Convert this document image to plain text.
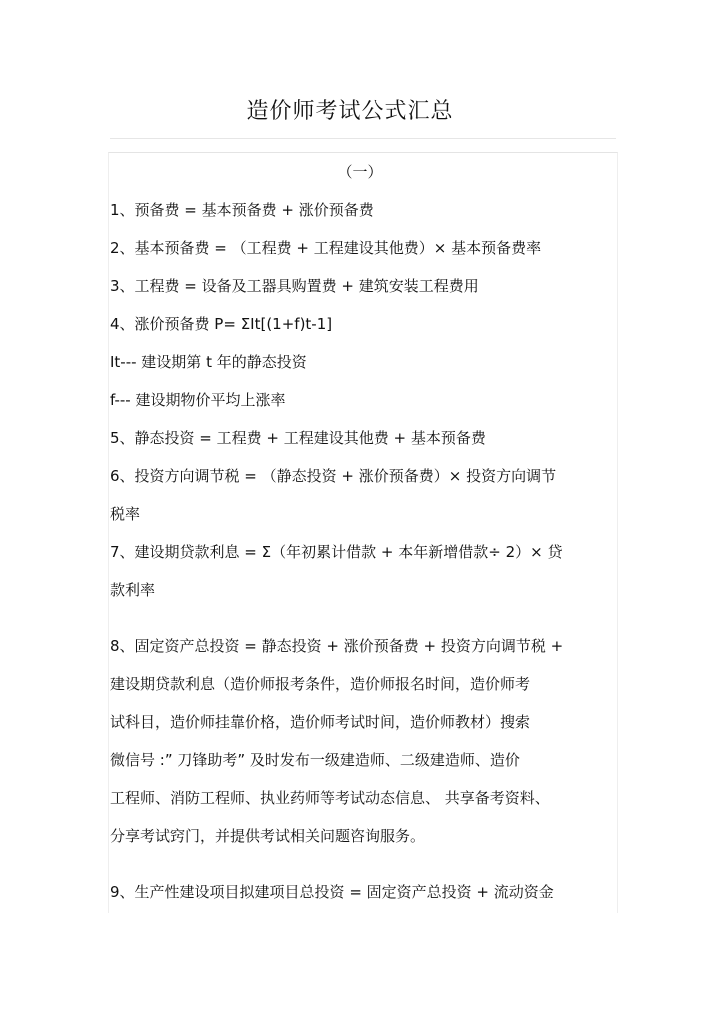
造价师考试公式汇总
（一）
1、预备费 = 基本预备费 + 涨价预备费
2、基本预备费 = （工程费 + 工程建设其他费）× 基本预备费率
3、工程费 = 设备及工器具购置费 + 建筑安装工程费用
4、涨价预备费 P= ΣIt[(1+f)t-1]
It--- 建设期第 t 年的静态投资
f--- 建设期物价平均上涨率
5、静态投资 = 工程费 + 工程建设其他费 + 基本预备费
6、投资方向调节税 = （静态投资 + 涨价预备费）× 投资方向调节
税率
7、建设期贷款利息 = Σ（年初累计借款 + 本年新增借款÷ 2）× 贷
款利率
8、固定资产总投资 = 静态投资 + 涨价预备费 + 投资方向调节税 +
建设期贷款利息（造价师报考条件，造价师报名时间，造价师考
试科目，造价师挂靠价格，造价师考试时间，造价师教材）搜索
微信号 :” 刀锋助考” 及时发布一级建造师、二级建造师、造价
工程师、消防工程师、执业药师等考试动态信息、 共享备考资料、
分享考试窍门，并提供考试相关问题咨询服务。
9、生产性建设项目拟建项目总投资 = 固定资产总投资 + 流动资金
